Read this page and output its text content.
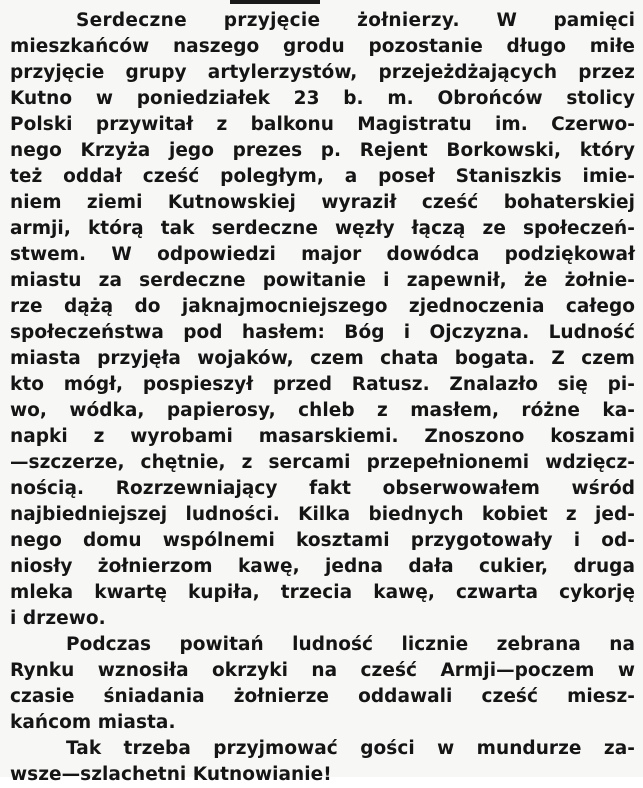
Serdeczne przyjęcie żołnierzy. W pamięci
mieszkańców naszego grodu pozostanie długo miłe
przyjęcie grupy artylerzystów, przejeżdżających przez
Kutno w poniedziałek 23 b. m. Obrońców stolicy
Polski przywitał z balkonu Magistratu im. Czerwo-
nego Krzyża jego prezes p. Rejent Borkowski, który
też oddał cześć poległym, a poseł Staniszkis imie-
niem ziemi Kutnowskiej wyraził cześć bohaterskiej
armji, którą tak serdeczne węzły łączą ze społeczeń-
stwem. W odpowiedzi major dowódca podziękował
miastu za serdeczne powitanie i zapewnił, że żołnie-
rze dążą do jaknajmocniejszego zjednoczenia całego
społeczeństwa pod hasłem: Bóg i Ojczyzna. Ludność
miasta przyjęła wojaków, czem chata bogata. Z czem
kto mógł, pospieszył przed Ratusz. Znalazło się pi-
wo, wódka, papierosy, chleb z masłem, różne ka-
napki z wyrobami masarskiemi. Znoszono koszami
—szczerze, chętnie, z sercami przepełnionemi wdzięcz-
nością. Rozrzewniający fakt obserwowałem wśród
najbiedniejszej ludności. Kilka biednych kobiet z jed-
nego domu wspólnemi kosztami przygotowały i od-
niosły żołnierzom kawę, jedna dała cukier, druga
mleka kwartę kupiła, trzecia kawę, czwarta cykorję
i drzewo.
Podczas powitań ludność licznie zebrana na
Rynku wznosiła okrzyki na cześć Armji—poczem w
czasie śniadania żołnierze oddawali cześć miesz-
kańcom miasta.
Tak trzeba przyjmować gości w mundurze za-
wsze—szlachetni Kutnowianie!
